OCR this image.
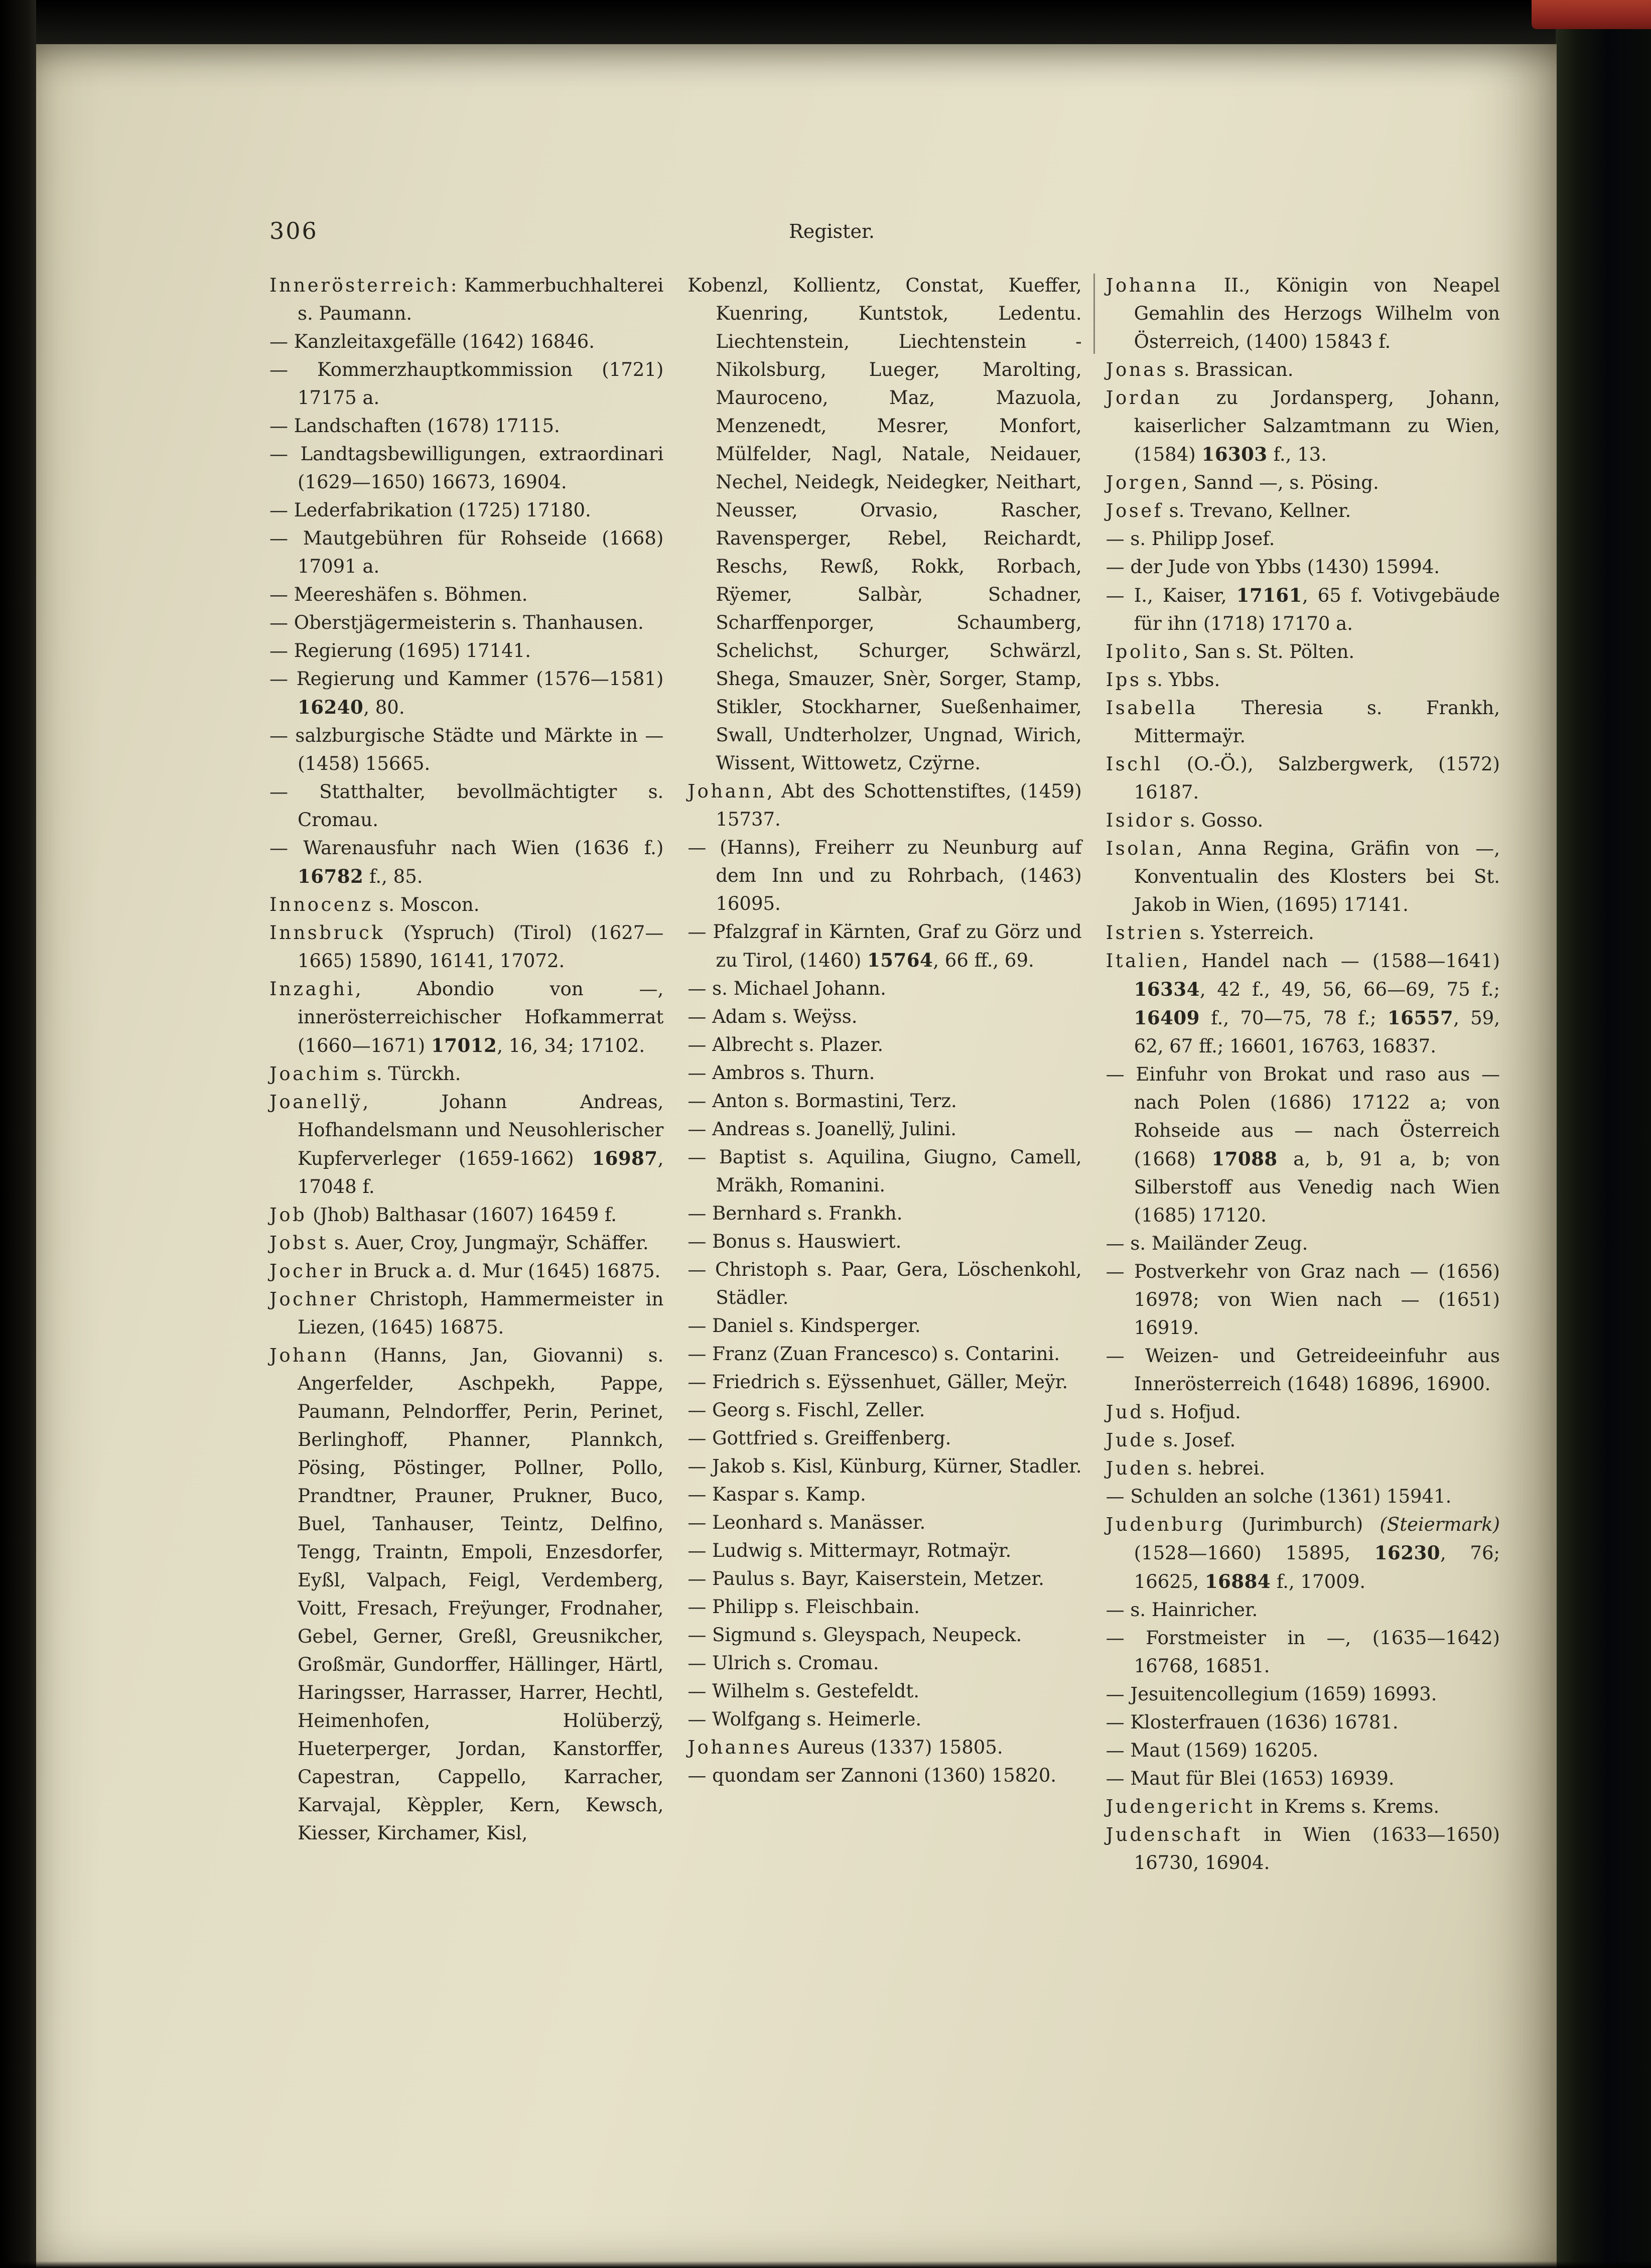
306	Register.
Innerösterreich: Kammerbuchhalterei s. Paumann.
— Kanzleitaxgefälle (1642) 16846.
— Kommerzhauptkommission (1721) 17175 a.
— Landschaften (1678) 17115.
— Landtagsbewilligungen, extraordinari (1629—1650) 16673, 16904.
— Lederfabrikation (1725) 17180.
— Mautgebühren für Rohseide (1668) 17091 a.
— Meereshäfen s. Böhmen.
— Oberstjägermeisterin s. Thanhausen.
— Regierung (1695) 17141.
— Regierung und Kammer (1576—1581) 16240, 80.
— salzburgische Städte und Märkte in — (1458) 15665.
— Statthalter, bevollmächtigter s. Cromau.
— Warenausfuhr nach Wien (1636 f.) 16782 f., 85.
Innocenz s. Moscon.
Innsbruck (Yspruch) (Tirol) (1627—1665) 15890, 16141, 17072.
Inzaghi, Abondio von —, innerösterreichischer Hofkammerrat (1660—1671) 17012, 16, 34; 17102.
Joachim s. Türckh.
Joanellÿ, Johann Andreas, Hofhandelsmann und Neusohlerischer Kupferverleger (1659-1662) 16987, 17048 f.
Job (Jhob) Balthasar (1607) 16459 f.
Jobst s. Auer, Croy, Jungmaÿr, Schäffer.
Jocher in Bruck a. d. Mur (1645) 16875.
Jochner Christoph, Hammermeister in Liezen, (1645) 16875.
Johann (Hanns, Jan, Giovanni) s. Angerfelder, Aschpekh, Pappe, Paumann, Pelndorffer, Perin, Perinet, Berlinghoff, Phanner, Plannkch, Pösing, Pöstinger, Pollner, Pollo, Prandtner, Prauner, Prukner, Buco, Buel, Tanhauser, Teintz, Delfino, Tengg, Traintn, Empoli, Enzesdorfer, Eyßl, Valpach, Feigl, Verdemberg, Voitt, Fresach, Freÿunger, Frodnaher, Gebel, Gerner, Greßl, Greusnikcher, Großmär, Gundorffer, Hällinger, Härtl, Haringsser, Harrasser, Harrer, Hechtl, Heimenhofen, Holüberzÿ, Hueterperger, Jordan, Kanstorffer, Capestran, Cappello, Karracher, Karvajal, Kèppler, Kern, Kewsch, Kiesser, Kirchamer, Kisl,
Kobenzl, Kollientz, Constat, Kueffer, Kuenring, Kuntstok, Ledentu. Liechtenstein, Liechtenstein - Nikolsburg, Lueger, Marolting, Mauroceno, Maz, Mazuola, Menzenedt, Mesrer, Monfort, Mülfelder, Nagl, Natale, Neidauer, Nechel, Neidegk, Neidegker, Neithart, Neusser, Orvasio, Rascher, Ravensperger, Rebel, Reichardt, Reschs, Rewß, Rokk, Rorbach, Rÿemer, Salbàr, Schadner, Scharffenporger, Schaumberg, Schelichst, Schurger, Schwärzl, Shega, Smauzer, Snèr, Sorger, Stamp, Stikler, Stockharner, Sueßenhaimer, Swall, Undterholzer, Ungnad, Wirich, Wissent, Wittowetz, Czÿrne.
Johann, Abt des Schottenstiftes, (1459) 15737.
— (Hanns), Freiherr zu Neunburg auf dem Inn und zu Rohrbach, (1463) 16095.
— Pfalzgraf in Kärnten, Graf zu Görz und zu Tirol, (1460) 15764, 66 ff., 69.
— s. Michael Johann.
— Adam s. Weÿss.
— Albrecht s. Plazer.
— Ambros s. Thurn.
— Anton s. Bormastini, Terz.
— Andreas s. Joanellÿ, Julini.
— Baptist s. Aquilina, Giugno, Camell, Mräkh, Romanini.
— Bernhard s. Frankh.
— Bonus s. Hauswiert.
— Christoph s. Paar, Gera, Löschenkohl, Städler.
— Daniel s. Kindsperger.
— Franz (Zuan Francesco) s. Contarini.
— Friedrich s. Eÿssenhuet, Gäller, Meÿr.
— Georg s. Fischl, Zeller.
— Gottfried s. Greiffenberg.
— Jakob s. Kisl, Künburg, Kürner, Stadler.
— Kaspar s. Kamp.
— Leonhard s. Manässer.
— Ludwig s. Mittermayr, Rotmaÿr.
— Paulus s. Bayr, Kaiserstein, Metzer.
— Philipp s. Fleischbain.
— Sigmund s. Gleyspach, Neupeck.
— Ulrich s. Cromau.
— Wilhelm s. Gestefeldt.
— Wolfgang s. Heimerle.
Johannes Aureus (1337) 15805.
— quondam ser Zannoni (1360) 15820.
Johanna II., Königin von Neapel Gemahlin des Herzogs Wilhelm von Österreich, (1400) 15843 f.
Jonas s. Brassican.
Jordan zu Jordansperg, Johann, kaiserlicher Salzamtmann zu Wien, (1584) 16303 f., 13.
Jorgen, Sannd —, s. Pösing.
Josef s. Trevano, Kellner.
— s. Philipp Josef.
— der Jude von Ybbs (1430) 15994.
— I., Kaiser, 17161, 65 f. Votivgebäude für ihn (1718) 17170 a.
Ipolito, San s. St. Pölten.
Ips s. Ybbs.
Isabella Theresia s. Frankh, Mittermaÿr.
Ischl (O.-Ö.), Salzbergwerk, (1572) 16187.
Isidor s. Gosso.
Isolan, Anna Regina, Gräfin von —, Konventualin des Klosters bei St. Jakob in Wien, (1695) 17141.
Istrien s. Ysterreich.
Italien, Handel nach — (1588—1641) 16334, 42 f., 49, 56, 66—69, 75 f.; 16409 f., 70—75, 78 f.; 16557, 59, 62, 67 ff.; 16601, 16763, 16837.
— Einfuhr von Brokat und raso aus — nach Polen (1686) 17122 a; von Rohseide aus — nach Österreich (1668) 17088 a, b, 91 a, b; von Silberstoff aus Venedig nach Wien (1685) 17120.
— s. Mailänder Zeug.
— Postverkehr von Graz nach — (1656) 16978; von Wien nach — (1651) 16919.
— Weizen- und Getreideeinfuhr aus Innerösterreich (1648) 16896, 16900.
Jud s. Hofjud.
Jude s. Josef.
Juden s. hebrei.
— Schulden an solche (1361) 15941.
Judenburg (Jurimburch) (Steiermark) (1528—1660) 15895, 16230, 76; 16625, 16884 f., 17009.
— s. Hainricher.
— Forstmeister in —, (1635—1642) 16768, 16851.
— Jesuitencollegium (1659) 16993.
— Klosterfrauen (1636) 16781.
— Maut (1569) 16205.
— Maut für Blei (1653) 16939.
Judengericht in Krems s. Krems.
Judenschaft in Wien (1633—1650) 16730, 16904.
